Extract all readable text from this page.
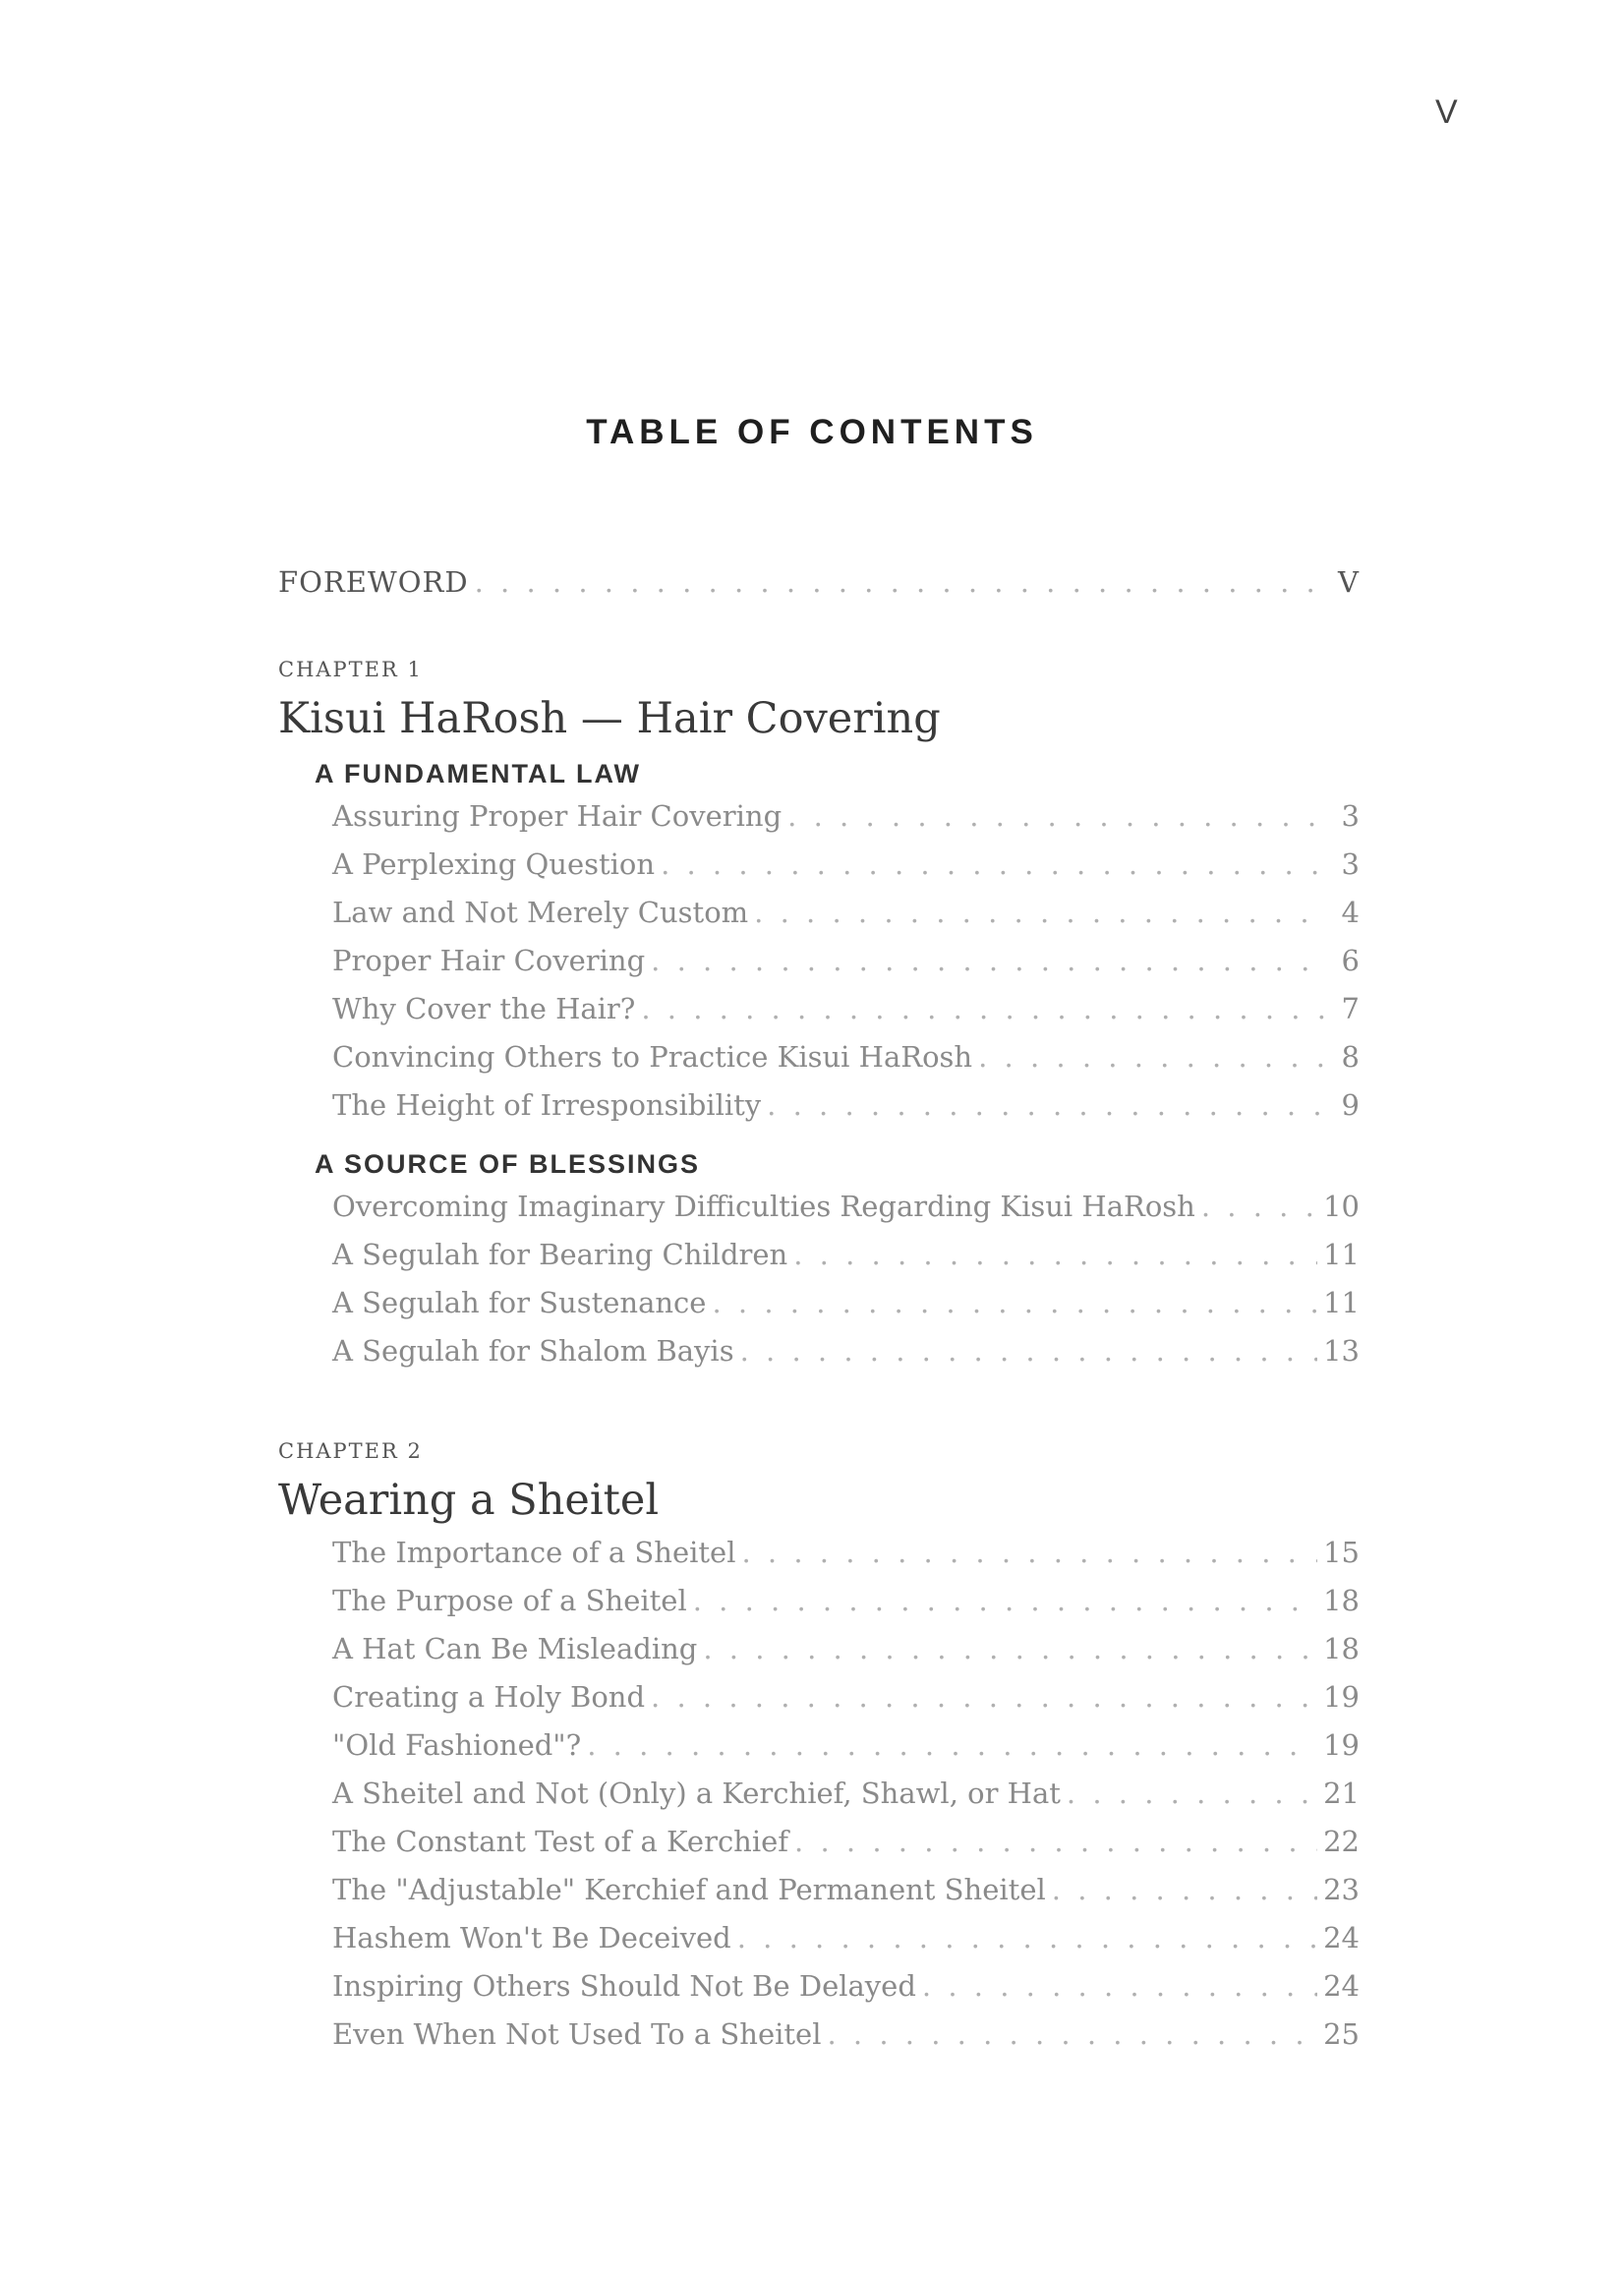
V
TABLE OF CONTENTS
FOREWORD . . .	V
CHAPTER 1
Kisui HaRosh — Hair Covering
A FUNDAMENTAL LAW
Assuring Proper Hair Covering . . .	3
A Perplexing Question . . .	3
Law and Not Merely Custom . . .	4
Proper Hair Covering . . .	6
Why Cover the Hair? . . .	7
Convincing Others to Practice Kisui HaRosh . . .	8
The Height of Irresponsibility . . .	9
A SOURCE OF BLESSINGS
Overcoming Imaginary Difficulties Regarding Kisui HaRosh . . .	10
A Segulah for Bearing Children . . .	11
A Segulah for Sustenance . . .	11
A Segulah for Shalom Bayis . . .	13
CHAPTER 2
Wearing a Sheitel
The Importance of a Sheitel . . .	15
The Purpose of a Sheitel . . .	18
A Hat Can Be Misleading . . .	18
Creating a Holy Bond . . .	19
"Old Fashioned"? . . .	19
A Sheitel and Not (Only) a Kerchief, Shawl, or Hat . . .	21
The Constant Test of a Kerchief . . .	22
The "Adjustable" Kerchief and Permanent Sheitel . . .	23
Hashem Won't Be Deceived . . .	24
Inspiring Others Should Not Be Delayed . . .	24
Even When Not Used To a Sheitel . . .	25
